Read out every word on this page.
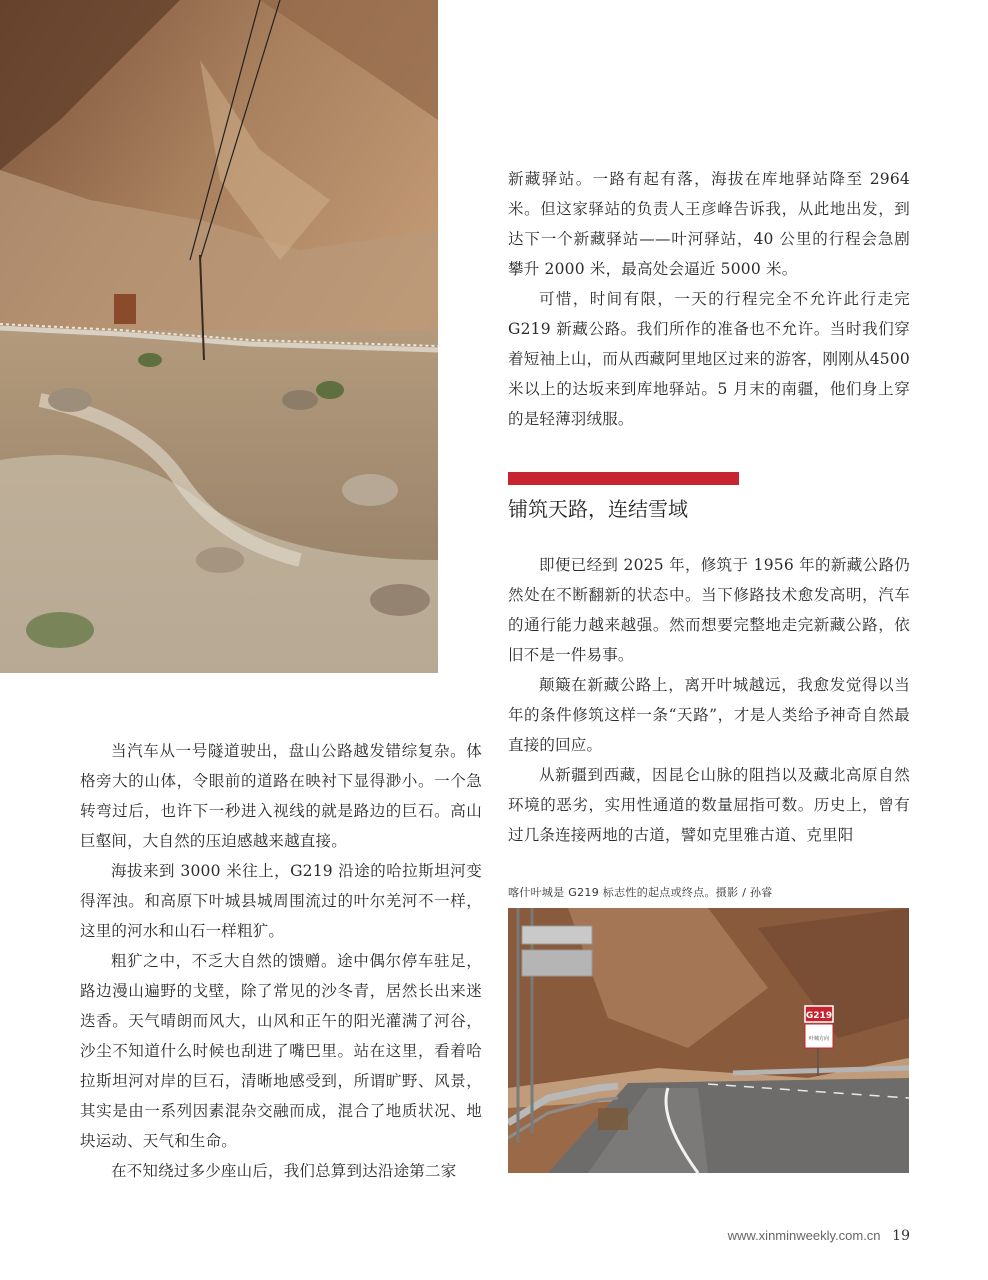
新藏驿站。一路有起有落，海拔在库地驿站降至 2964 米。但这家驿站的负责人王彦峰告诉我，从此地出发，到达下一个新藏驿站——叶河驿站，40 公里的行程会急剧攀升 2000 米，最高处会逼近 5000 米。

可惜，时间有限，一天的行程完全不允许此行走完G219 新藏公路。我们所作的准备也不允许。当时我们穿着短袖上山，而从西藏阿里地区过来的游客，刚刚从4500 米以上的达坂来到库地驿站。5 月末的南疆，他们身上穿的是轻薄羽绒服。

铺筑天路，连结雪域

即便已经到 2025 年，修筑于 1956 年的新藏公路仍然处在不断翻新的状态中。当下修路技术愈发高明，汽车的通行能力越来越强。然而想要完整地走完新藏公路，依旧不是一件易事。

颠簸在新藏公路上，离开叶城越远，我愈发觉得以当年的条件修筑这样一条“天路”，才是人类给予神奇自然最直接的回应。

从新疆到西藏，因昆仑山脉的阻挡以及藏北高原自然环境的恶劣，实用性通道的数量屈指可数。历史上，曾有过几条连接两地的古道，譬如克里雅古道、克里阳

当汽车从一号隧道驶出，盘山公路越发错综复杂。体格旁大的山体，令眼前的道路在映衬下显得渺小。一个急转弯过后，也许下一秒进入视线的就是路边的巨石。高山巨壑间，大自然的压迫感越来越直接。

海拔来到 3000 米往上，G219 沿途的哈拉斯坦河变得浑浊。和高原下叶城县城周围流过的叶尔羌河不一样，这里的河水和山石一样粗犷。

粗犷之中，不乏大自然的馈赠。途中偶尔停车驻足，路边漫山遍野的戈壁，除了常见的沙冬青，居然长出来迷迭香。天气晴朗而风大，山风和正午的阳光灌满了河谷，沙尘不知道什么时候也刮进了嘴巴里。站在这里，看着哈拉斯坦河对岸的巨石，清晰地感受到，所谓旷野、风景，其实是由一系列因素混杂交融而成，混合了地质状况、地块运动、天气和生命。

在不知绕过多少座山后，我们总算到达沿途第二家

喀什叶城是 G219 标志性的起点或终点。摄影 / 孙睿
G219
叶城方向
www.xinminweekly.com.cn 19
